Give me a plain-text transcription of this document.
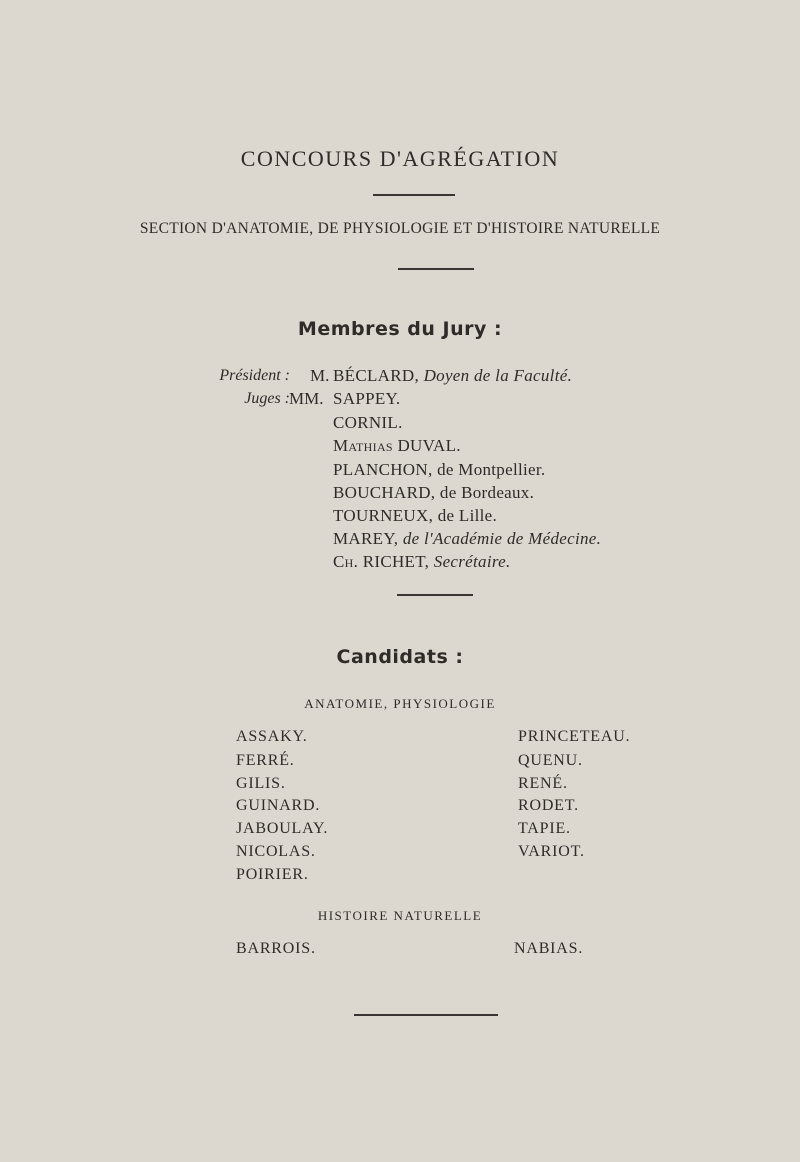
CONCOURS D'AGRÉGATION
SECTION D'ANATOMIE, DE PHYSIOLOGIE ET D'HISTOIRE NATURELLE
Membres du Jury :
Président : M.
Juges : MM.
BÉCLARD, Doyen de la Faculté.
SAPPEY.
CORNIL.
Mathias DUVAL.
PLANCHON, de Montpellier.
BOUCHARD, de Bordeaux.
TOURNEUX, de Lille.
MAREY, de l'Académie de Médecine.
Ch. RICHET, Secrétaire.
Candidats :
ANATOMIE, PHYSIOLOGIE
ASSAKY.
FERRÉ.
GILIS.
GUINARD.
JABOULAY.
NICOLAS.
POIRIER.
PRINCETEAU.
QUENU.
RENÉ.
RODET.
TAPIE.
VARIOT.
HISTOIRE NATURELLE
BARROIS.	NABIAS.
